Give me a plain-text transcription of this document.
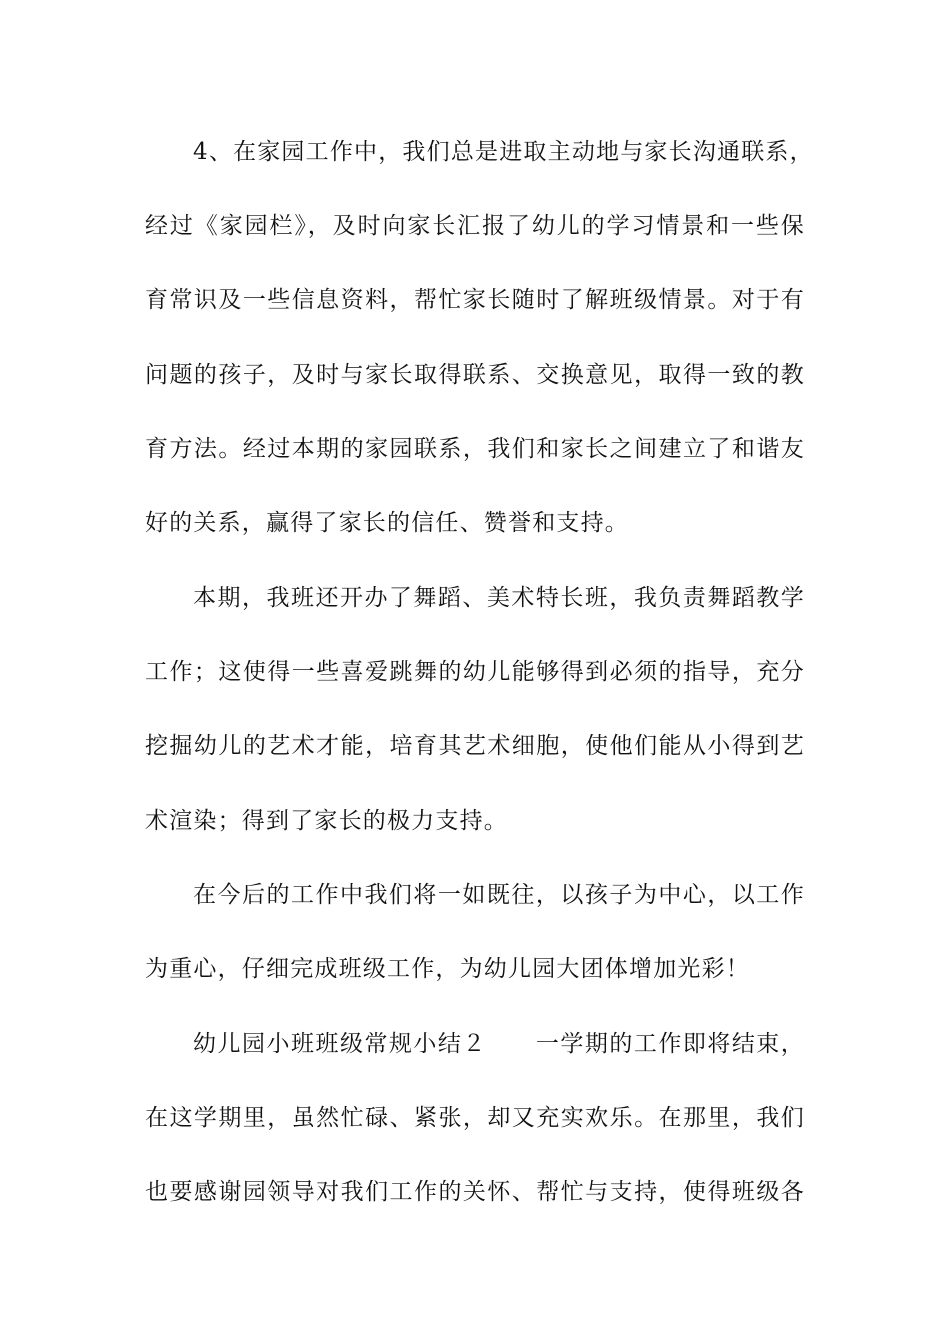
4、在家园工作中，我们总是进取主动地与家长沟通联系，
经过《家园栏》，及时向家长汇报了幼儿的学习情景和一些保
育常识及一些信息资料，帮忙家长随时了解班级情景。对于有
问题的孩子，及时与家长取得联系、交换意见，取得一致的教
育方法。经过本期的家园联系，我们和家长之间建立了和谐友
好的关系，赢得了家长的信任、赞誉和支持。
本期，我班还开办了舞蹈、美术特长班，我负责舞蹈教学
工作；这使得一些喜爱跳舞的幼儿能够得到必须的指导，充分
挖掘幼儿的艺术才能，培育其艺术细胞，使他们能从小得到艺
术渲染；得到了家长的极力支持。
在今后的工作中我们将一如既往，以孩子为中心，以工作
为重心，仔细完成班级工作，为幼儿园大团体增加光彩！
幼儿园小班班级常规小结２　　一学期的工作即将结束，
在这学期里，虽然忙碌、紧张，却又充实欢乐。在那里，我们
也要感谢园领导对我们工作的关怀、帮忙与支持，使得班级各
